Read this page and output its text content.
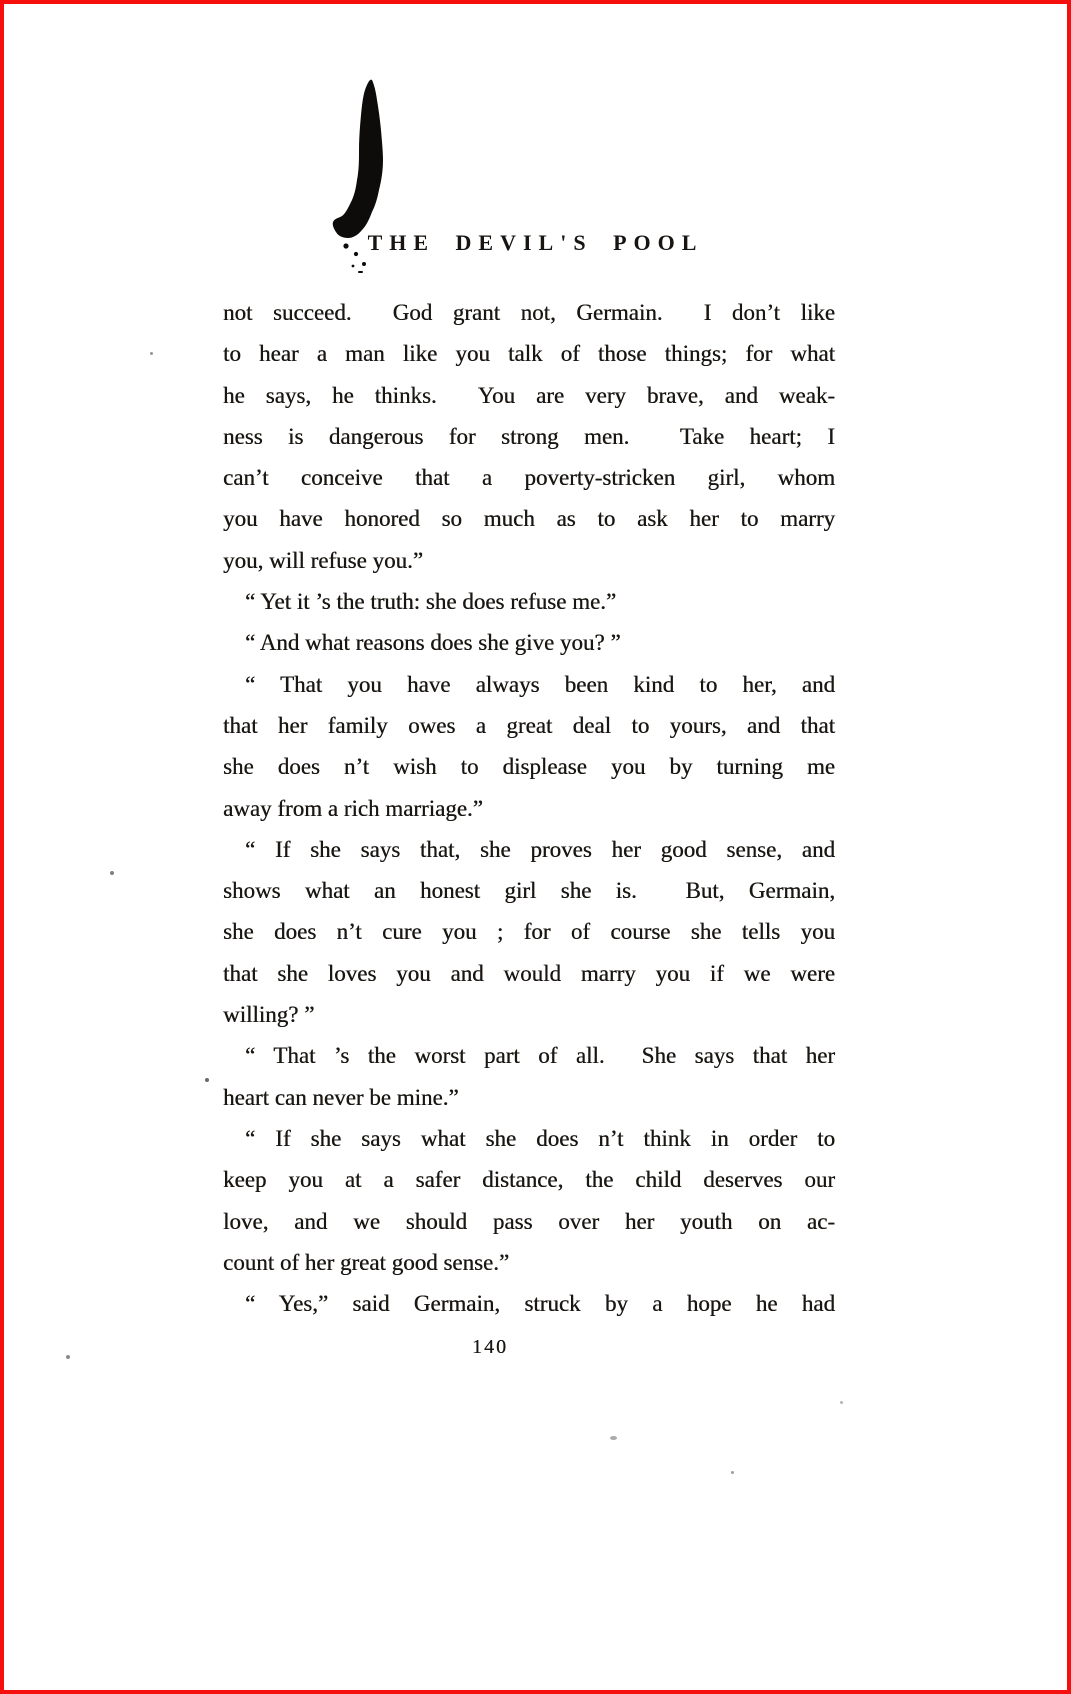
THE DEVIL'S POOL
not succeed.  God grant not, Germain.  I don’t like
to hear a man like you talk of those things; for what
he says, he thinks.  You are very brave, and weak-
ness is dangerous for strong men.  Take heart; I
can’t conceive that a poverty-stricken girl, whom
you have honored so much as to ask her to marry
you, will refuse you.”
“ Yet it ’s the truth: she does refuse me.”
“ And what reasons does she give you? ”
“ That you have always been kind to her, and
that her family owes a great deal to yours, and that
she does n’t wish to displease you by turning me
away from a rich marriage.”
“ If she says that, she proves her good sense, and
shows what an honest girl she is.  But, Germain,
she does n’t cure you ; for of course she tells you
that she loves you and would marry you if we were
willing? ”
“ That ’s the worst part of all.  She says that her
heart can never be mine.”
“ If she says what she does n’t think in order to
keep you at a safer distance, the child deserves our
love, and we should pass over her youth on ac-
count of her great good sense.”
“ Yes,” said Germain, struck by a hope he had
140
